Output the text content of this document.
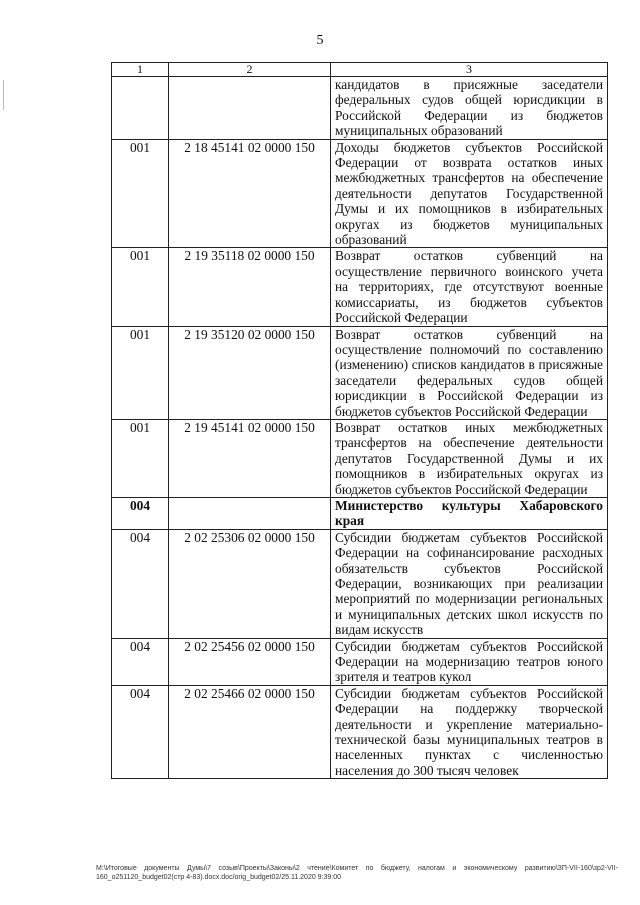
5
1	2	3
		кандидатов в присяжные заседатели федеральных судов общей юрисдикции в Российской Федерации из бюджетов муниципальных образований
001	2 18 45141 02 0000 150	Доходы бюджетов субъектов Российской Федерации от возврата остатков иных межбюджетных трансфертов на обеспечение деятельности депутатов Государственной Думы и их помощников в избирательных округах из бюджетов муниципальных образований
001	2 19 35118 02 0000 150	Возврат остатков субвенций на осуществление первичного воинского учета на территориях, где отсутствуют военные комиссариаты, из бюджетов субъектов Российской Федерации
001	2 19 35120 02 0000 150	Возврат остатков субвенций на осуществление полномочий по составлению (изменению) списков кандидатов в присяжные заседатели федеральных судов общей юрисдикции в Российской Федерации из бюджетов субъектов Российской Федерации
001	2 19 45141 02 0000 150	Возврат остатков иных межбюджетных трансфертов на обеспечение деятельности депутатов Государственной Думы и их помощников в избирательных округах из бюджетов субъектов Российской Федерации
004		Министерство культуры Хабаровского края
004	2 02 25306 02 0000 150	Субсидии бюджетам субъектов Российской Федерации на софинансирование расходных обязательств субъектов Российской Федерации, возникающих при реализации мероприятий по модернизации региональных и муниципальных детских школ искусств по видам искусств
004	2 02 25456 02 0000 150	Субсидии бюджетам субъектов Российской Федерации на модернизацию театров юного зрителя и театров кукол
004	2 02 25466 02 0000 150	Субсидии бюджетам субъектов Российской Федерации на поддержку творческой деятельности и укрепление материально-технической базы муниципальных театров в населенных пунктах с численностью населения до 300 тысяч человек
M:\Итоговые документы Думы\7 созыв\Проекты\Законы\2 чтение\Комитет по бюджету, налогам и экономическому развитию\ЗП-VII-160\зр2-VII-160_o251120_budget02(стр 4-83).docx.doc/orig_budget02/25.11.2020 9:39:00
